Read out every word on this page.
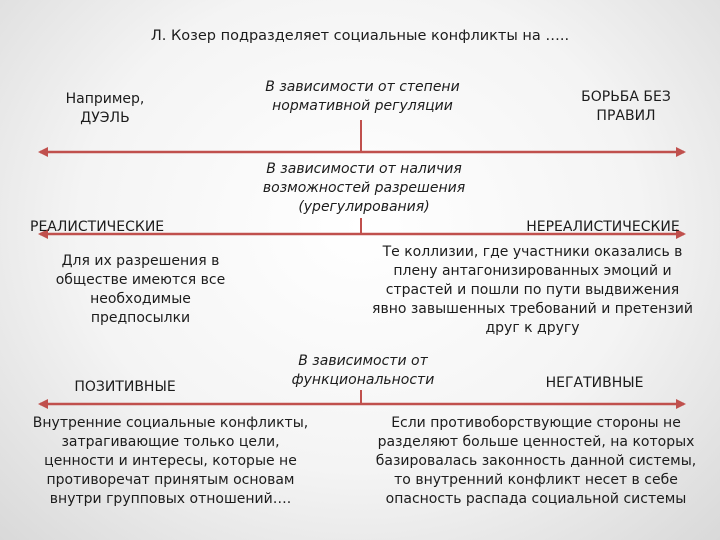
Л. Козер подразделяет социальные конфликты на …..
Например, ДУЭЛЬ
В зависимости от степени нормативной регуляции
БОРЬБА БЕЗ ПРАВИЛ
В зависимости от наличия возможностей разрешения (урегулирования)
РЕАЛИСТИЧЕСКИЕ	НЕРЕАЛИСТИЧЕСКИЕ
Для их разрешения в обществе имеются все необходимые предпосылки
Те коллизии, где участники оказались в плену антагонизированных эмоций и страстей и пошли по пути выдвижения явно завышенных требований и претензий друг к другу
В зависимости от функциональности
ПОЗИТИВНЫЕ	НЕГАТИВНЫЕ
Внутренние социальные конфликты, затрагивающие только цели, ценности и интересы, которые не противоречат принятым основам внутри групповых отношений….
Если противоборствующие стороны не разделяют больше ценностей, на которых базировалась законность данной системы, то внутренний конфликт несет в себе опасность распада социальной системы
